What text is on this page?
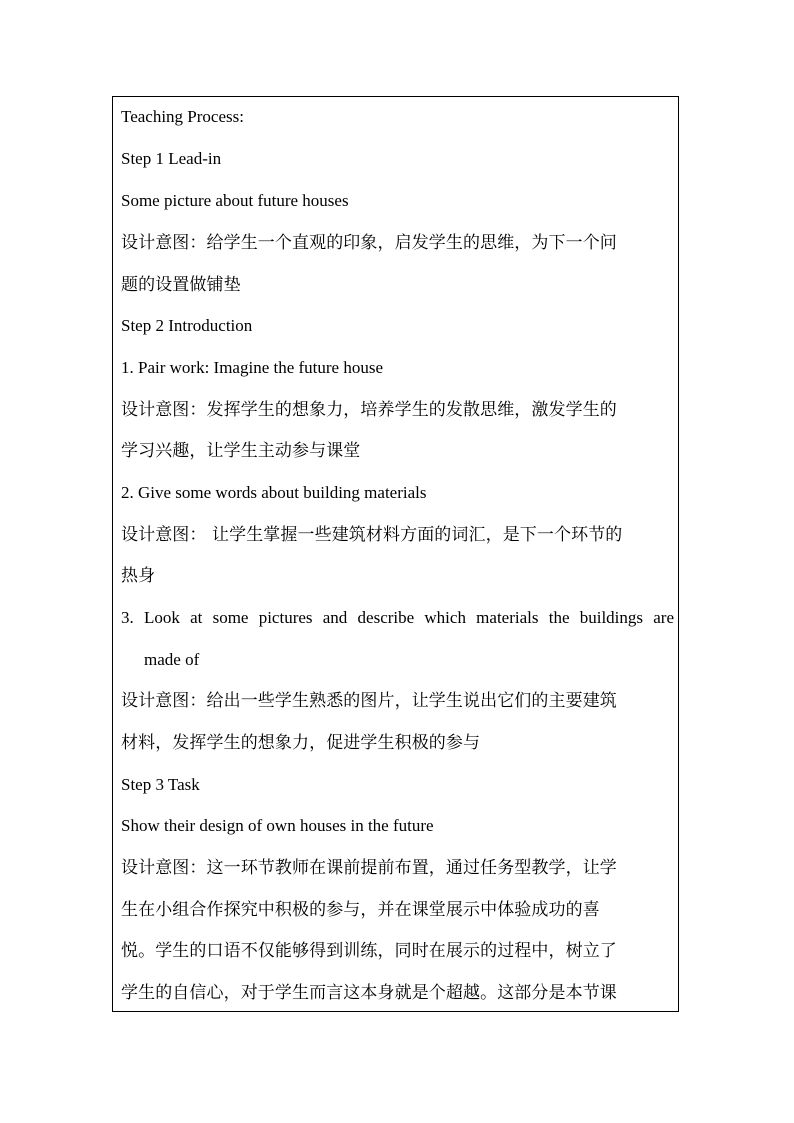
Teaching Process:
Step 1 Lead-in
Some picture about future houses
设计意图：给学生一个直观的印象，启发学生的思维，为下一个问
题的设置做铺垫
Step 2 Introduction
1. Pair work: Imagine the future house
设计意图：发挥学生的想象力，培养学生的发散思维，激发学生的
学习兴趣，让学生主动参与课堂
2. Give some words about building materials
设计意图： 让学生掌握一些建筑材料方面的词汇，是下一个环节的
热身
3. Look at some pictures and describe which materials the buildings are
made of
设计意图：给出一些学生熟悉的图片，让学生说出它们的主要建筑
材料，发挥学生的想象力，促进学生积极的参与
Step 3 Task
Show their design of own houses in the future
设计意图：这一环节教师在课前提前布置，通过任务型教学，让学
生在小组合作探究中积极的参与，并在课堂展示中体验成功的喜
悦。学生的口语不仅能够得到训练，同时在展示的过程中，树立了
学生的自信心，对于学生而言这本身就是个超越。这部分是本节课
